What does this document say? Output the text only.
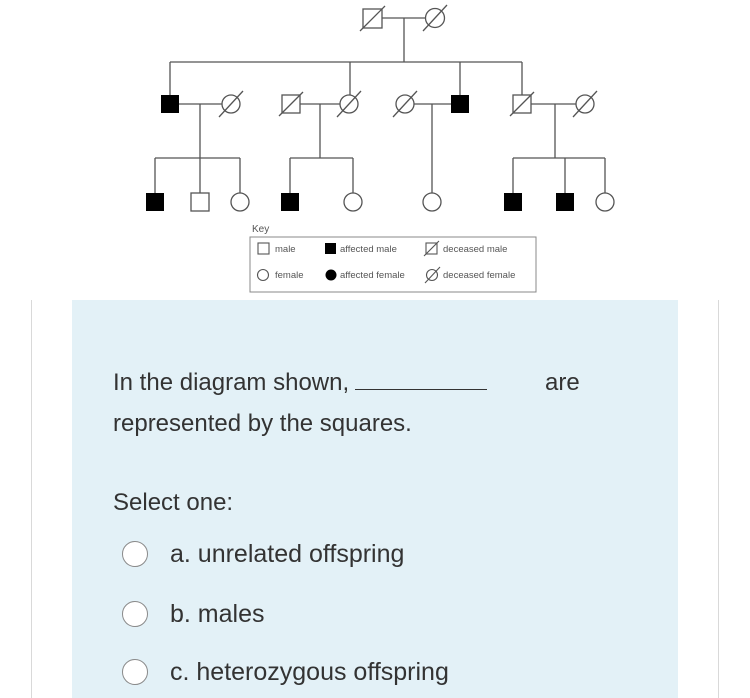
Key
male	affected male	deceased male
female	affected female	deceased female
In the diagram shown,	are
represented by the squares.
Select one:
a. unrelated offspring
b. males
c. heterozygous offspring
